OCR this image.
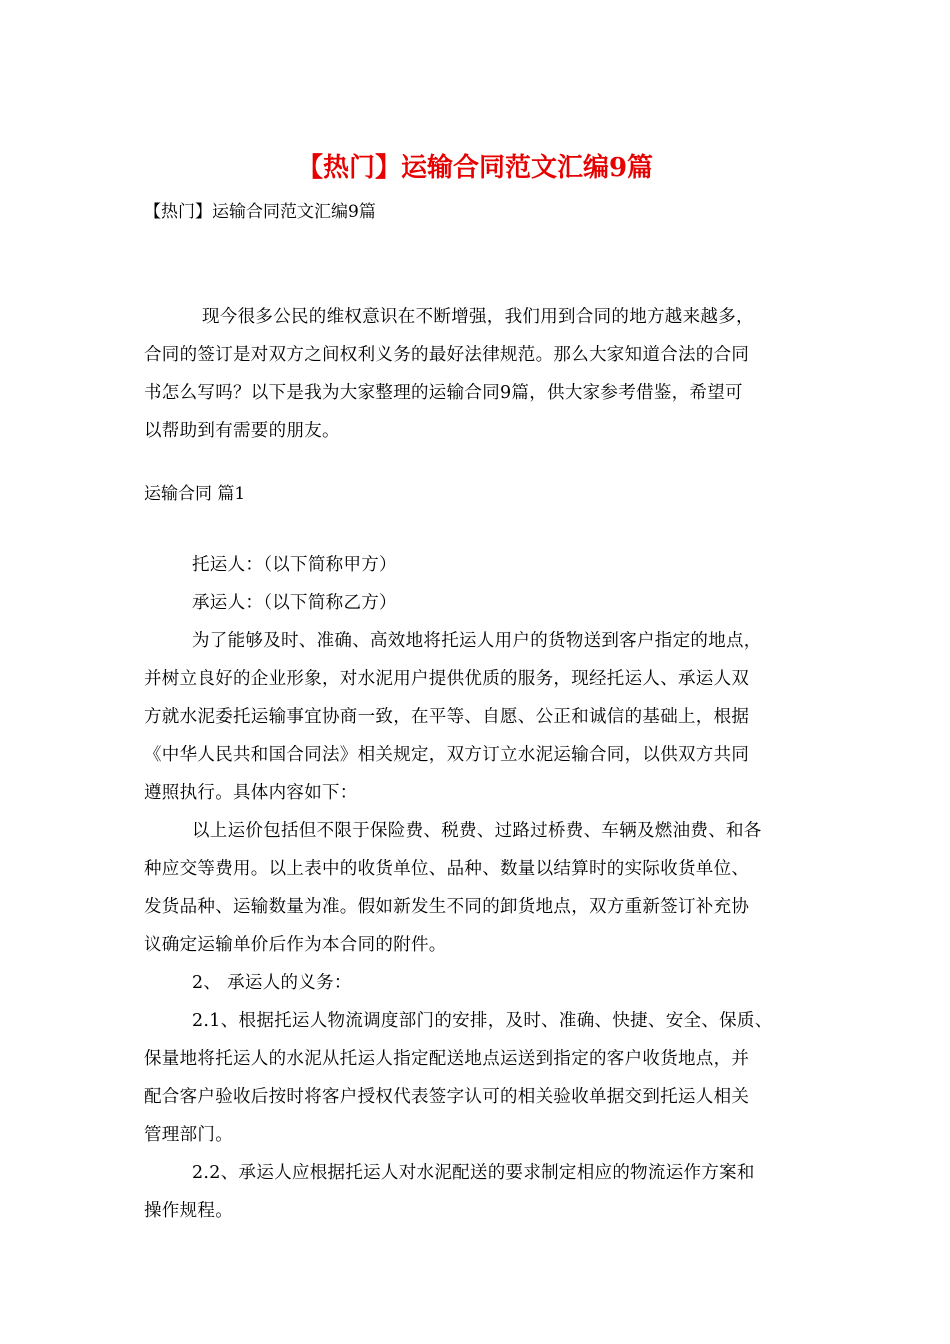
【热门】运输合同范文汇编9篇
【热门】运输合同范文汇编9篇
现今很多公民的维权意识在不断增强，我们用到合同的地方越来越多，
合同的签订是对双方之间权利义务的最好法律规范。那么大家知道合法的合同
书怎么写吗？以下是我为大家整理的运输合同9篇，供大家参考借鉴，希望可
以帮助到有需要的朋友。
运输合同 篇1
托运人：（以下简称甲方）
承运人：（以下简称乙方）
为了能够及时、准确、高效地将托运人用户的货物送到客户指定的地点，
并树立良好的企业形象，对水泥用户提供优质的服务，现经托运人、承运人双
方就水泥委托运输事宜协商一致，在平等、自愿、公正和诚信的基础上，根据
《中华人民共和国合同法》相关规定，双方订立水泥运输合同，以供双方共同
遵照执行。具体内容如下：
以上运价包括但不限于保险费、税费、过路过桥费、车辆及燃油费、和各
种应交等费用。以上表中的收货单位、品种、数量以结算时的实际收货单位、
发货品种、运输数量为准。假如新发生不同的卸货地点，双方重新签订补充协
议确定运输单价后作为本合同的附件。
2、 承运人的义务：
2.1、根据托运人物流调度部门的安排，及时、准确、快捷、安全、保质、
保量地将托运人的水泥从托运人指定配送地点运送到指定的客户收货地点，并
配合客户验收后按时将客户授权代表签字认可的相关验收单据交到托运人相关
管理部门。
2.2、承运人应根据托运人对水泥配送的要求制定相应的物流运作方案和
操作规程。
